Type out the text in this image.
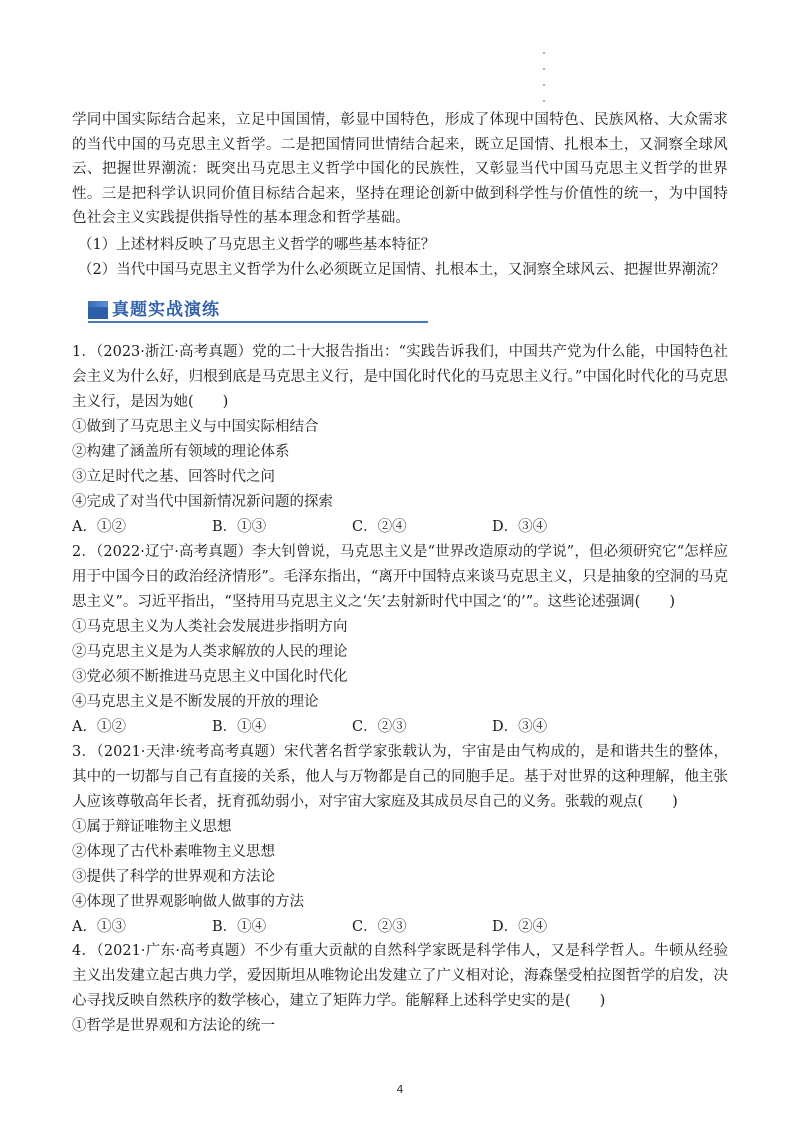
学同中国实际结合起来，立足中国国情，彰显中国特色，形成了体现中国特色、民族风格、大众需求的当代中国的马克思主义哲学。二是把国情同世情结合起来，既立足国情、扎根本土，又洞察全球风云、把握世界潮流：既突出马克思主义哲学中国化的民族性，又彰显当代中国马克思主义哲学的世界性。三是把科学认识同价值目标结合起来，坚持在理论创新中做到科学性与价值性的统一，为中国特色社会主义实践提供指导性的基本理念和哲学基础。

（1）上述材料反映了马克思主义哲学的哪些基本特征？
（2）当代中国马克思主义哲学为什么必须既立足国情、扎根本土，又洞察全球风云、把握世界潮流？
真题实战演练

1．（2023·浙江·高考真题）党的二十大报告指出：“实践告诉我们，中国共产党为什么能，中国特色社会主义为什么好，归根到底是马克思主义行，是中国化时代化的马克思主义行。”中国化时代化的马克思主义行，是因为她(　　)

①做到了马克思主义与中国实际相结合

②构建了涵盖所有领域的理论体系

③立足时代之基、回答时代之问

④完成了对当代中国新情况新问题的探索

A．①②	B．①③	C．②④	D．③④

2．（2022·辽宁·高考真题）李大钊曾说，马克思主义是“世界改造原动的学说”，但必须研究它“怎样应用于中国今日的政治经济情形”。毛泽东指出，“离开中国特点来谈马克思主义，只是抽象的空洞的马克思主义”。习近平指出，“坚持用马克思主义之‘矢’去射新时代中国之‘的’”。这些论述强调(　　)

①马克思主义为人类社会发展进步指明方向

②马克思主义是为人类求解放的人民的理论

③党必须不断推进马克思主义中国化时代化

④马克思主义是不断发展的开放的理论

A．①②	B．①④	C．②③	D．③④

3．（2021·天津·统考高考真题）宋代著名哲学家张载认为，宇宙是由气构成的，是和谐共生的整体，其中的一切都与自己有直接的关系，他人与万物都是自己的同胞手足。基于对世界的这种理解，他主张人应该尊敬高年长者，抚育孤幼弱小，对宇宙大家庭及其成员尽自己的义务。张载的观点(　　)

①属于辩证唯物主义思想

②体现了古代朴素唯物主义思想

③提供了科学的世界观和方法论

④体现了世界观影响做人做事的方法

A．①③	B．①④	C．②③	D．②④

4．（2021·广东·高考真题）不少有重大贡献的自然科学家既是科学伟人，又是科学哲人。牛顿从经验主义出发建立起古典力学，爱因斯坦从唯物论出发建立了广义相对论，海森堡受柏拉图哲学的启发，决心寻找反映自然秩序的数学核心，建立了矩阵力学。能解释上述科学史实的是(　　)

①哲学是世界观和方法论的统一

4
